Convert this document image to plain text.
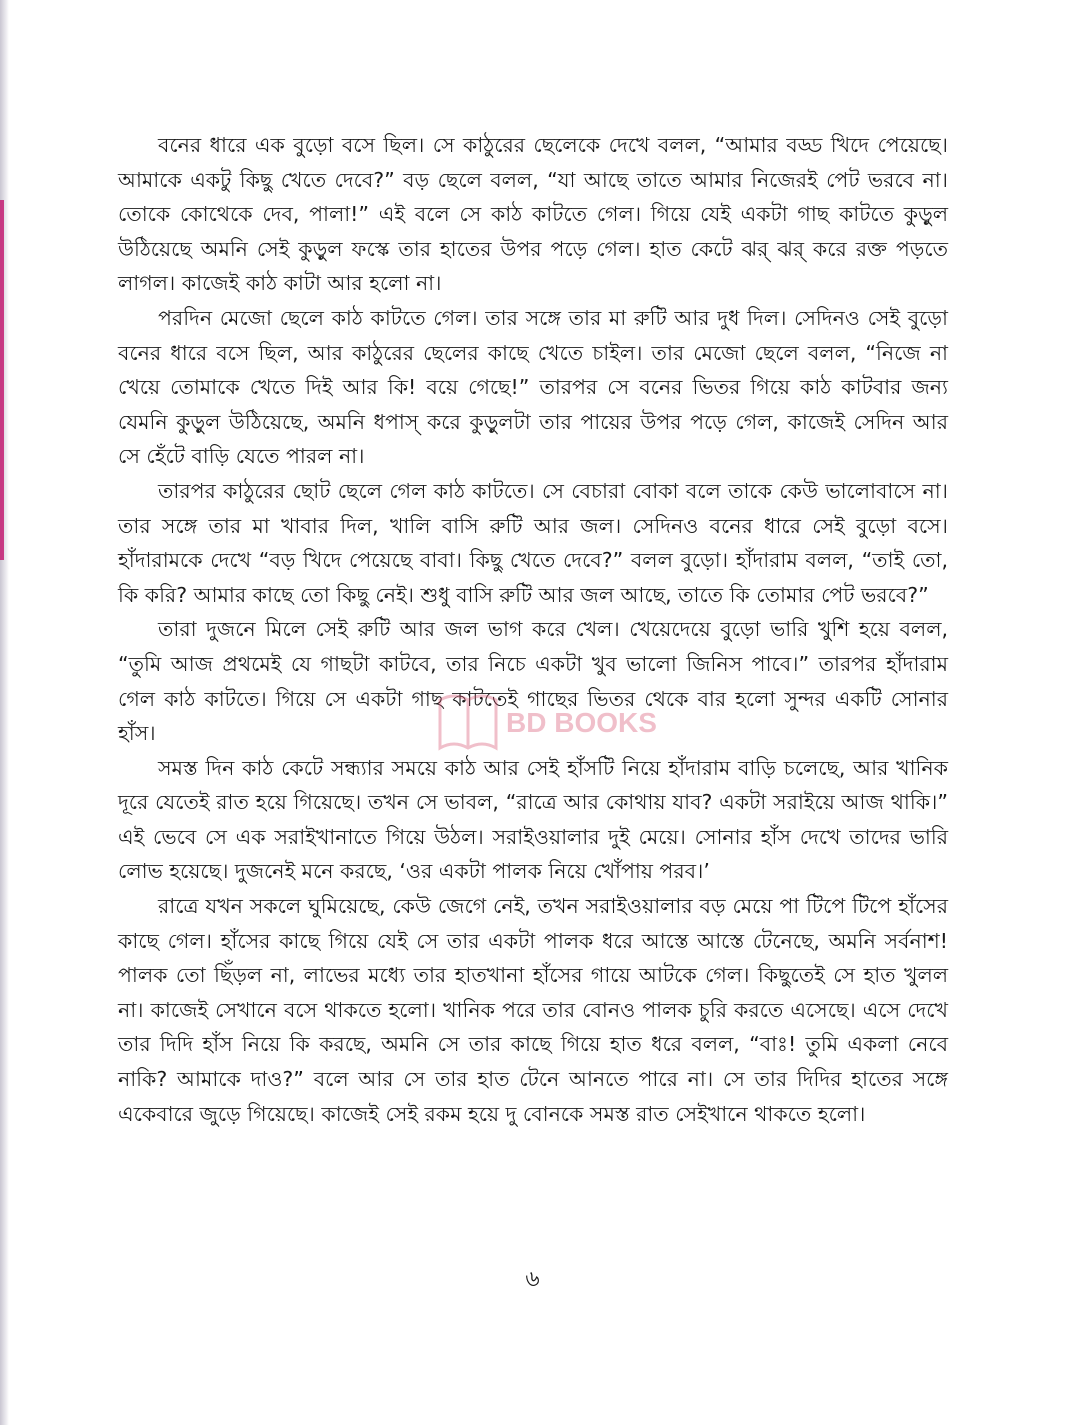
বনের ধারে এক বুড়ো বসে ছিল। সে কাঠুরের ছেলেকে দেখে বলল, “আমার বড্ড খিদে পেয়েছে। আমাকে একটু কিছু খেতে দেবে?” বড় ছেলে বলল, “যা আছে তাতে আমার নিজেরই পেট ভরবে না। তোকে কোথেকে দেব, পালা!” এই বলে সে কাঠ কাটতে গেল। গিয়ে যেই একটা গাছ কাটতে কুড়ুল উঠিয়েছে অমনি সেই কুড়ুল ফস্কে তার হাতের উপর পড়ে গেল। হাত কেটে ঝর্ ঝর্ করে রক্ত পড়তে লাগল। কাজেই কাঠ কাটা আর হলো না।

পরদিন মেজো ছেলে কাঠ কাটতে গেল। তার সঙ্গে তার মা রুটি আর দুধ দিল। সেদিনও সেই বুড়ো বনের ধারে বসে ছিল, আর কাঠুরের ছেলের কাছে খেতে চাইল। তার মেজো ছেলে বলল, “নিজে না খেয়ে তোমাকে খেতে দিই আর কি! বয়ে গেছে!” তারপর সে বনের ভিতর গিয়ে কাঠ কাটবার জন্য যেমনি কুড়ুল উঠিয়েছে, অমনি ধপাস্ করে কুড়ুলটা তার পায়ের উপর পড়ে গেল, কাজেই সেদিন আর সে হেঁটে বাড়ি যেতে পারল না।

তারপর কাঠুরের ছোট ছেলে গেল কাঠ কাটতে। সে বেচারা বোকা বলে তাকে কেউ ভালোবাসে না। তার সঙ্গে তার মা খাবার দিল, খালি বাসি রুটি আর জল। সেদিনও বনের ধারে সেই বুড়ো বসে। হাঁদারামকে দেখে “বড় খিদে পেয়েছে বাবা। কিছু খেতে দেবে?” বলল বুড়ো। হাঁদারাম বলল, “তাই তো, কি করি? আমার কাছে তো কিছু নেই। শুধু বাসি রুটি আর জল আছে, তাতে কি তোমার পেট ভরবে?”

তারা দুজনে মিলে সেই রুটি আর জল ভাগ করে খেল। খেয়েদেয়ে বুড়ো ভারি খুশি হয়ে বলল, “তুমি আজ প্রথমেই যে গাছটা কাটবে, তার নিচে একটা খুব ভালো জিনিস পাবে।” তারপর হাঁদারাম গেল কাঠ কাটতে। গিয়ে সে একটা গাছ কাটতেই গাছের ভিতর থেকে বার হলো সুন্দর একটি সোনার হাঁস।

সমস্ত দিন কাঠ কেটে সন্ধ্যার সময়ে কাঠ আর সেই হাঁসটি নিয়ে হাঁদারাম বাড়ি চলেছে, আর খানিক দূরে যেতেই রাত হয়ে গিয়েছে। তখন সে ভাবল, “রাত্রে আর কোথায় যাব? একটা সরাইয়ে আজ থাকি।” এই ভেবে সে এক সরাইখানাতে গিয়ে উঠল। সরাইওয়ালার দুই মেয়ে। সোনার হাঁস দেখে তাদের ভারি লোভ হয়েছে। দুজনেই মনে করছে, ‘ওর একটা পালক নিয়ে খোঁপায় পরব।’

রাত্রে যখন সকলে ঘুমিয়েছে, কেউ জেগে নেই, তখন সরাইওয়ালার বড় মেয়ে পা টিপে টিপে হাঁসের কাছে গেল। হাঁসের কাছে গিয়ে যেই সে তার একটা পালক ধরে আস্তে আস্তে টেনেছে, অমনি সর্বনাশ! পালক তো ছিঁড়ল না, লাভের মধ্যে তার হাতখানা হাঁসের গায়ে আটকে গেল। কিছুতেই সে হাত খুলল না। কাজেই সেখানে বসে থাকতে হলো। খানিক পরে তার বোনও পালক চুরি করতে এসেছে। এসে দেখে তার দিদি হাঁস নিয়ে কি করছে, অমনি সে তার কাছে গিয়ে হাত ধরে বলল, “বাঃ! তুমি একলা নেবে নাকি? আমাকে দাও?” বলে আর সে তার হাত টেনে আনতে পারে না। সে তার দিদির হাতের সঙ্গে একেবারে জুড়ে গিয়েছে। কাজেই সেই রকম হয়ে দু বোনকে সমস্ত রাত সেইখানে থাকতে হলো।

BD BOOKS
৬
